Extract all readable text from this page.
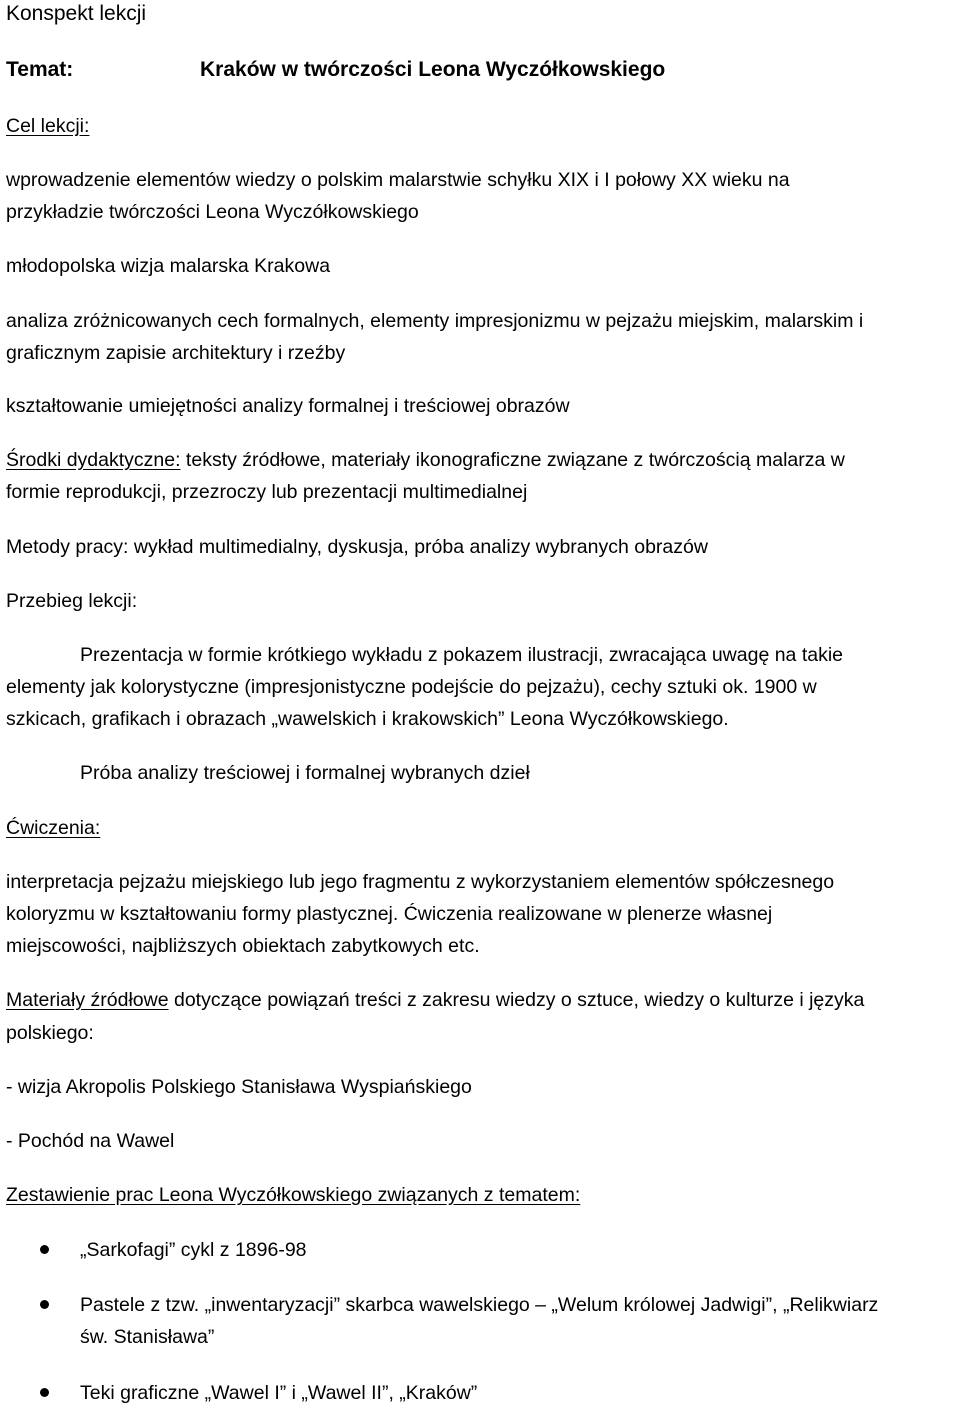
Konspekt lekcji
Temat:	Kraków w twórczości Leona Wyczółkowskiego
Cel lekcji:
wprowadzenie elementów wiedzy o polskim malarstwie schyłku XIX i I połowy XX wieku na
przykładzie twórczości Leona Wyczółkowskiego
młodopolska wizja malarska Krakowa
analiza zróżnicowanych cech formalnych, elementy impresjonizmu w pejzażu miejskim, malarskim i
graficznym zapisie architektury i rzeźby
kształtowanie umiejętności analizy formalnej i treściowej obrazów
Środki dydaktyczne: teksty źródłowe, materiały ikonograficzne związane z twórczością malarza w
formie reprodukcji, przezroczy lub prezentacji multimedialnej
Metody pracy: wykład multimedialny, dyskusja, próba analizy wybranych obrazów
Przebieg lekcji:
Prezentacja w formie krótkiego wykładu z pokazem ilustracji, zwracająca uwagę na takie
elementy jak kolorystyczne (impresjonistyczne podejście do pejzażu), cechy sztuki ok. 1900 w
szkicach, grafikach i obrazach „wawelskich i krakowskich” Leona Wyczółkowskiego.
Próba analizy treściowej i formalnej wybranych dzieł
Ćwiczenia:
interpretacja pejzażu miejskiego lub jego fragmentu z wykorzystaniem elementów spółczesnego
koloryzmu w kształtowaniu formy plastycznej. Ćwiczenia realizowane w plenerze własnej
miejscowości, najbliższych obiektach zabytkowych etc.
Materiały źródłowe dotyczące powiązań treści z zakresu wiedzy o sztuce, wiedzy o kulturze i języka
polskiego:
- wizja Akropolis Polskiego Stanisława Wyspiańskiego
- Pochód na Wawel
Zestawienie prac Leona Wyczółkowskiego związanych z tematem:
„Sarkofagi” cykl z 1896-98
Pastele z tzw. „inwentaryzacji” skarbca wawelskiego – „Welum królowej Jadwigi”, „Relikwiarz
św. Stanisława”
Teki graficzne „Wawel I” i „Wawel II”, „Kraków”
